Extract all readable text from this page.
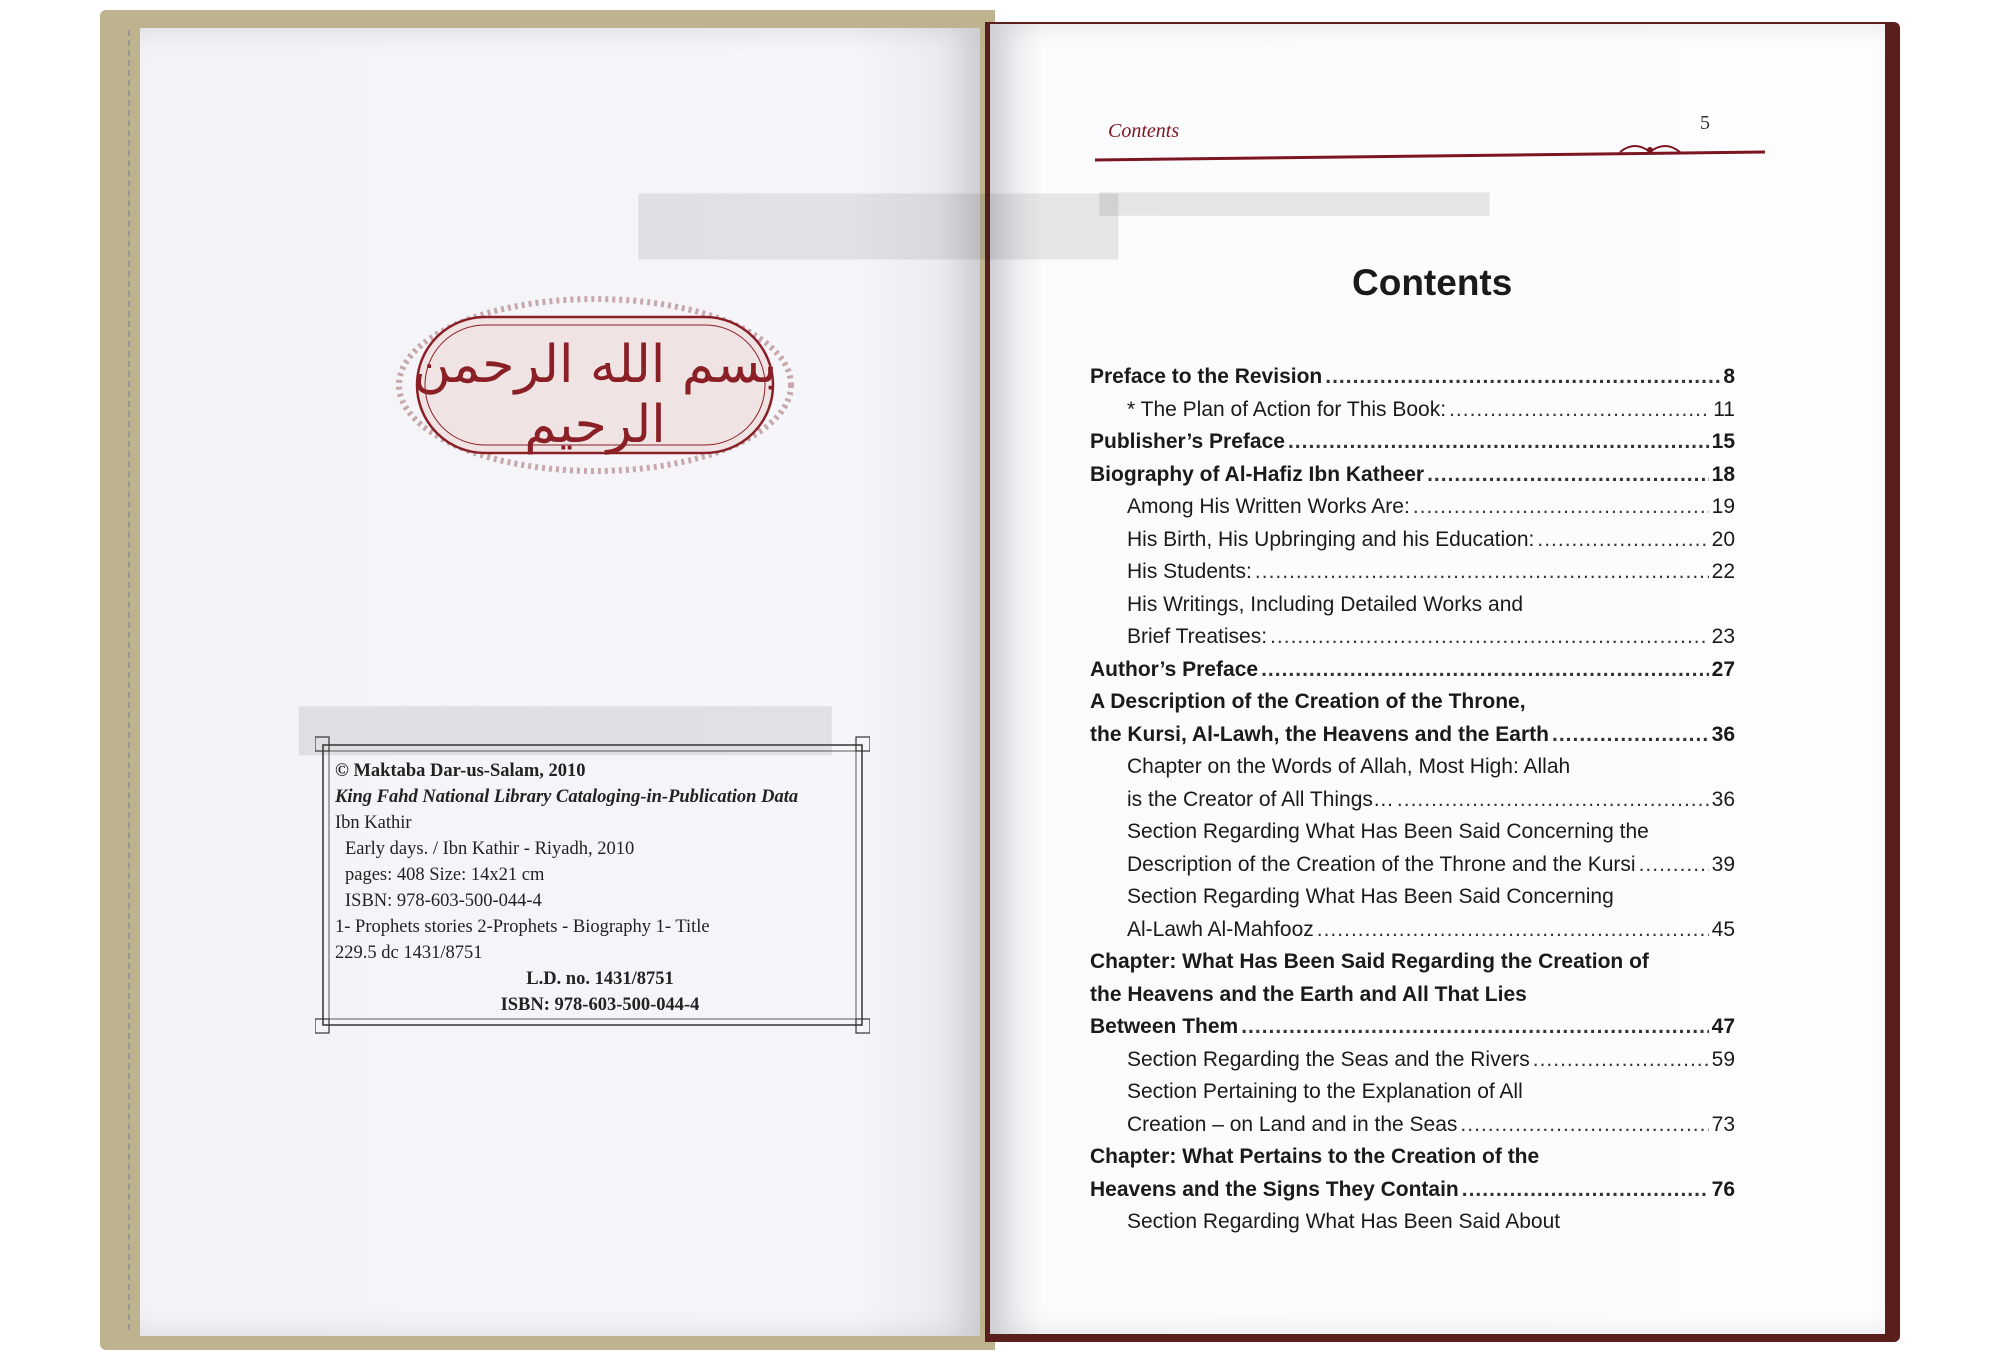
▇▇▇▇▇▇▇▇▇▇
▇▇▇▇▇▇▇▇▇▇▇▇▇▇▇
▇▇▇▇▇▇▇▇▇▇▇▇▇▇▇▇▇▇▇▇▇▇▇
بسم الله الرحمن الرحيم
© Maktaba Dar-us-Salam, 2010
King Fahd National Library Cataloging-in-Publication Data
Ibn Kathir
Early days. / Ibn Kathir - Riyadh, 2010
pages: 408 Size: 14x21 cm
ISBN: 978-603-500-044-4
1- Prophets stories 2-Prophets - Biography 1- Title
229.5 dc 1431/8751
L.D. no. 1431/8751
ISBN: 978-603-500-044-4
Contents	5
Contents
Preface to the Revision .....	8
* The Plan of Action for This Book: .....	11
Publisher’s Preface .....	15
Biography of Al-Hafiz Ibn Katheer .....	18
Among His Written Works Are: .....	19
His Birth, His Upbringing and his Education: .....	20
His Students: .....	22
His Writings, Including Detailed Works and
Brief Treatises: .....	23
Author’s Preface .....	27
A Description of the Creation of the Throne,
the Kursi, Al-Lawh, the Heavens and the Earth .....	36
Chapter on the Words of Allah, Most High: Allah
is the Creator of All Things… .....	36
Section Regarding What Has Been Said Concerning the
Description of the Creation of the Throne and the Kursi .....	39
Section Regarding What Has Been Said Concerning
Al-Lawh Al-Mahfooz .....	45
Chapter: What Has Been Said Regarding the Creation of
the Heavens and the Earth and All That Lies
Between Them .....	47
Section Regarding the Seas and the Rivers .....	59
Section Pertaining to the Explanation of All
Creation – on Land and in the Seas .....	73
Chapter: What Pertains to the Creation of the
Heavens and the Signs They Contain .....	76
Section Regarding What Has Been Said About
